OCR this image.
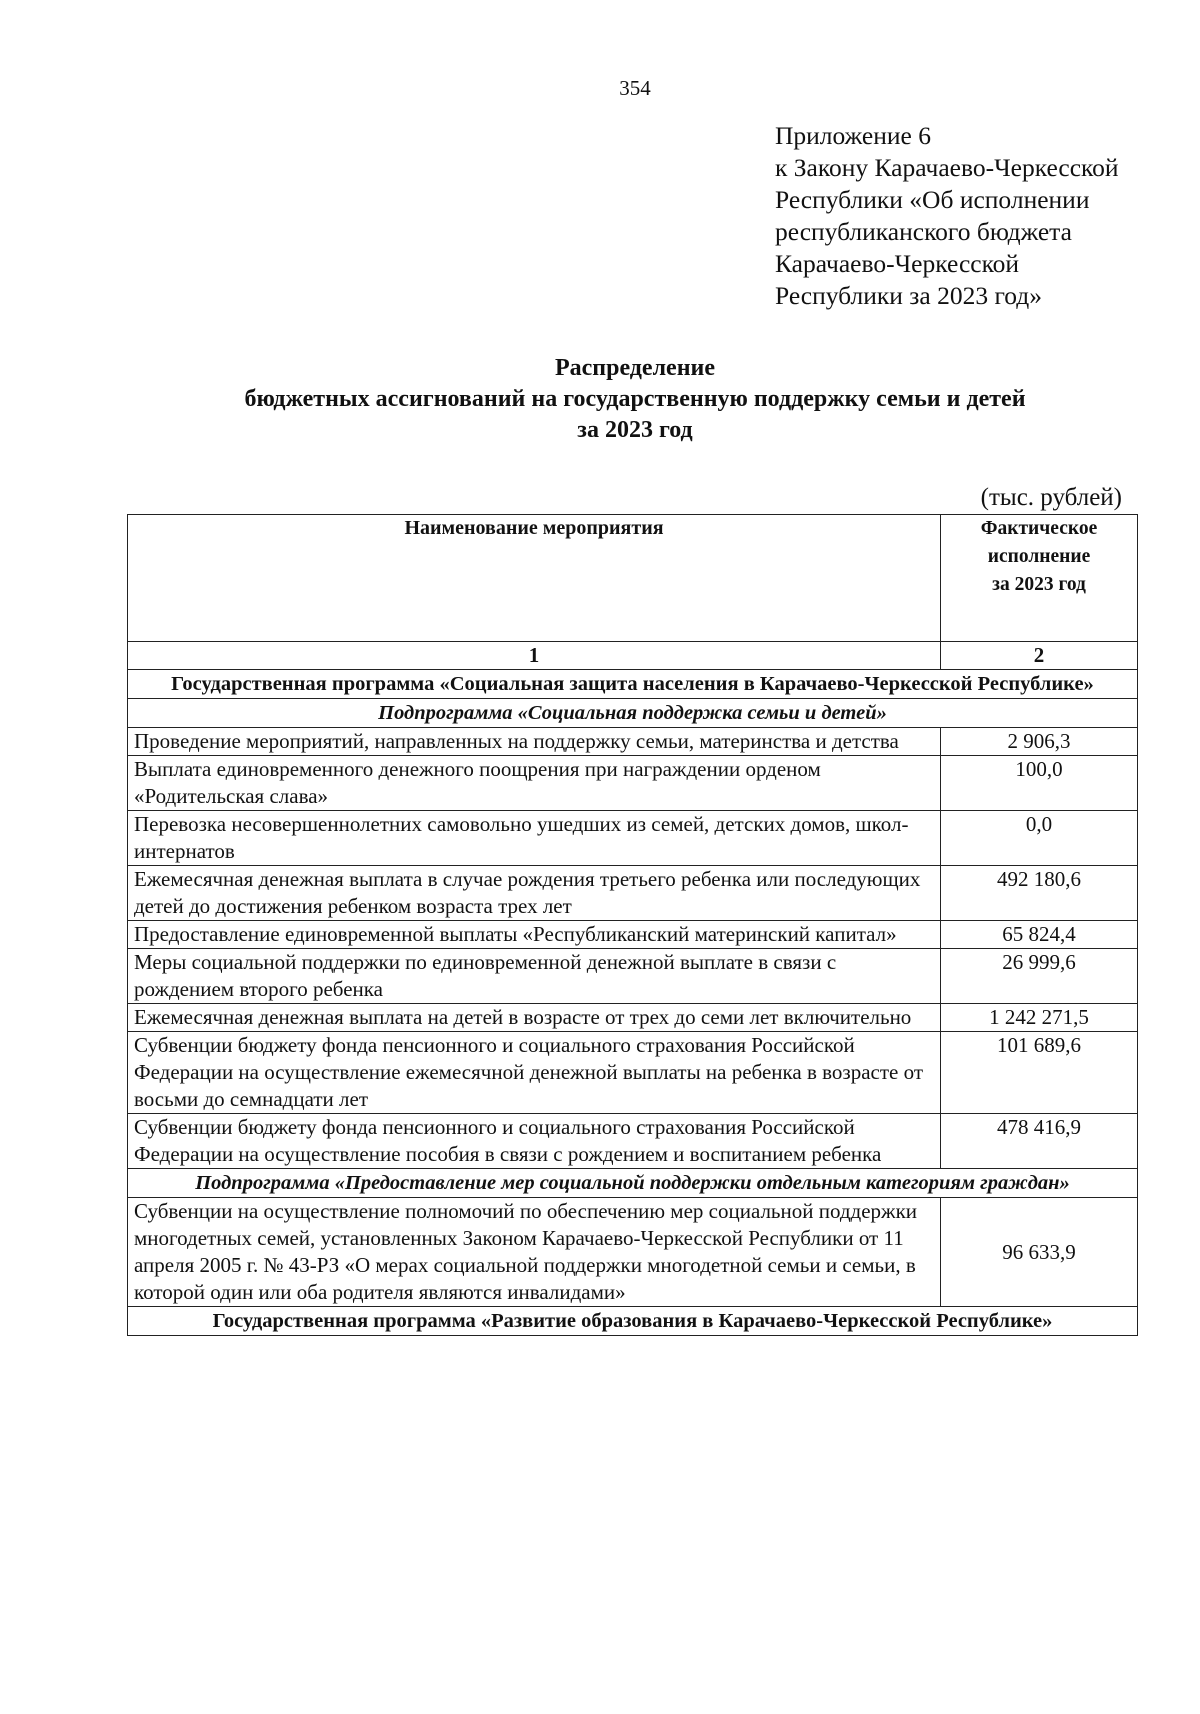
354
Приложение 6
к Закону Карачаево-Черкесской
Республики «Об исполнении
республиканского бюджета
Карачаево-Черкесской
Республики за 2023 год»
Распределение
бюджетных ассигнований на государственную поддержку семьи и детей
за 2023 год
(тыс. рублей)
Наименование мероприятия	Фактическое
исполнение
за 2023 год

1	2
Государственная программа «Социальная защита населения в Карачаево-Черкесской Республике»	
Подпрограмма «Социальная поддержка семьи и детей»	
Проведение мероприятий, направленных на поддержку семьи, материнства и детства	2 906,3
Выплата единовременного денежного поощрения при награждении орденом «Родительская слава»	100,0
Перевозка несовершеннолетних самовольно ушедших из семей, детских домов, школ-интернатов	0,0
Ежемесячная денежная выплата в случае рождения третьего ребенка или последующих детей до достижения ребенком возраста трех лет	492 180,6
Предоставление единовременной выплаты «Республиканский материнский капитал»	65 824,4
Меры социальной поддержки по единовременной денежной выплате в связи с рождением второго ребенка	26 999,6
Ежемесячная денежная выплата на детей в возрасте от трех до семи лет включительно	1 242 271,5
Субвенции бюджету фонда пенсионного и социального страхования Российской Федерации на осуществление ежемесячной денежной выплаты на ребенка в возрасте от восьми до семнадцати лет	101 689,6
Субвенции бюджету фонда пенсионного и социального страхования Российской Федерации на осуществление пособия в связи с рождением и воспитанием ребенка	478 416,9
Подпрограмма «Предоставление мер социальной поддержки отдельным категориям граждан»	
Субвенции на осуществление полномочий по обеспечению мер социальной поддержки многодетных семей, установленных Законом Карачаево-Черкесской Республики от 11 апреля 2005 г. № 43-РЗ «О мерах социальной поддержки многодетной семьи и семьи, в которой один или оба родителя являются инвалидами»	96 633,9
Государственная программа «Развитие образования в Карачаево-Черкесской Республике»	
